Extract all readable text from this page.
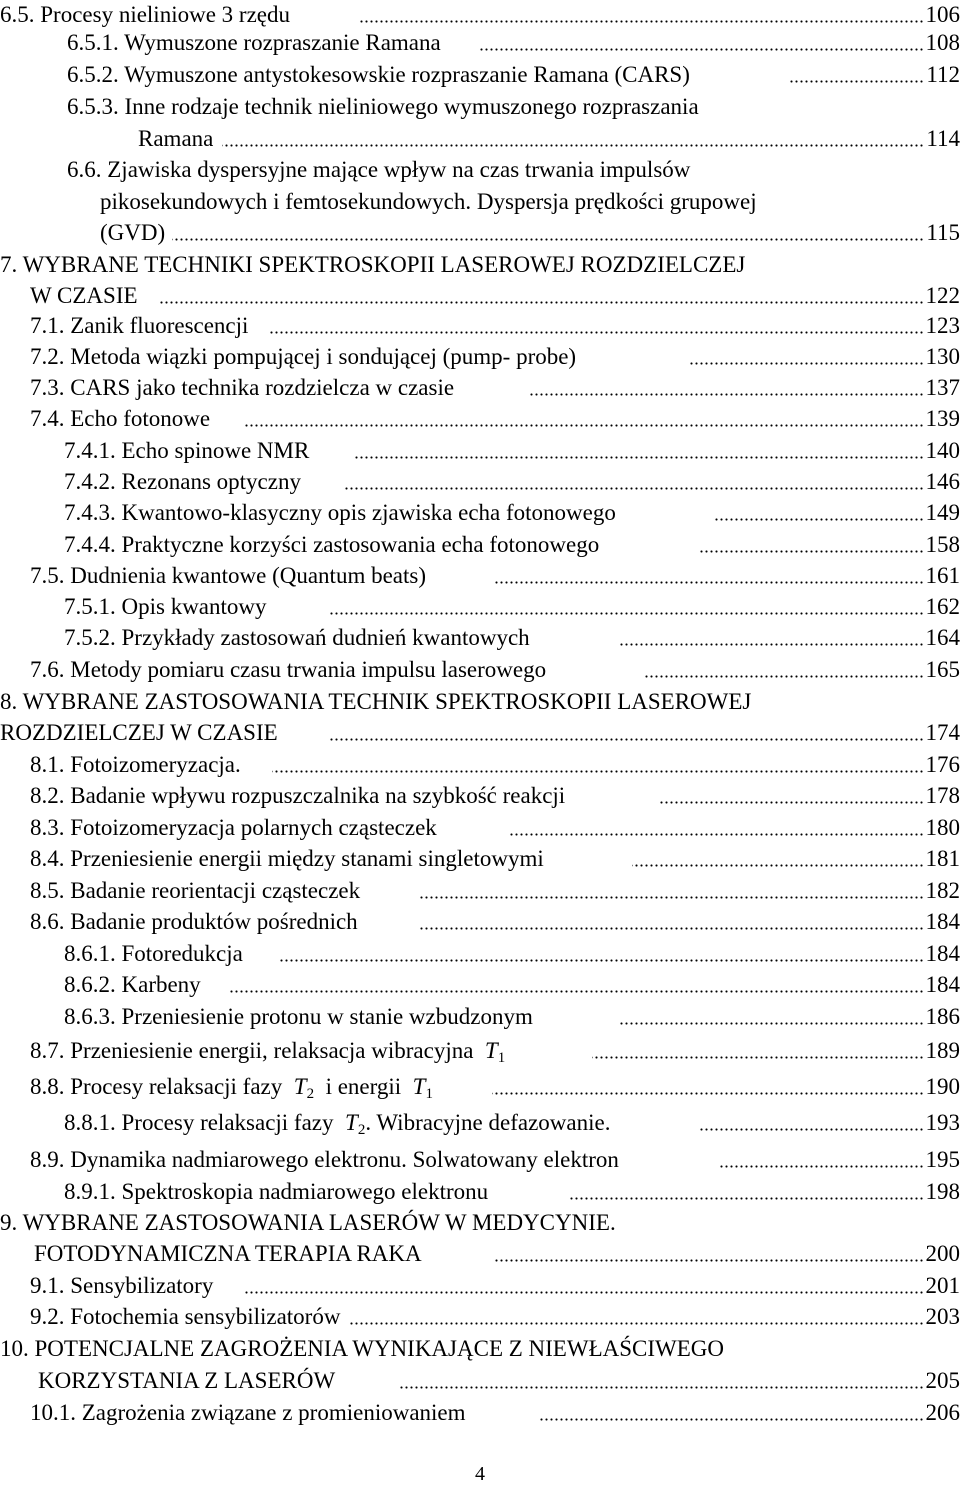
6.5. Procesy nieliniowe 3 rzędu	106
6.5.1. Wymuszone rozpraszanie Ramana	108
6.5.2. Wymuszone antystokesowskie rozpraszanie Ramana (CARS)	112
6.5.3. Inne rodzaje technik nieliniowego wymuszonego rozpraszania
Ramana	114
6.6. Zjawiska dyspersyjne mające wpływ na czas trwania impulsów
pikosekundowych i femtosekundowych. Dyspersja prędkości grupowej
(GVD)	115
7. WYBRANE TECHNIKI SPEKTROSKOPII LASEROWEJ ROZDZIELCZEJ
W CZASIE	122
7.1. Zanik fluorescencji	123
7.2. Metoda wiązki pompującej i sondującej (pump- probe)	130
7.3. CARS jako technika rozdzielcza w czasie	137
7.4. Echo fotonowe	139
7.4.1. Echo spinowe NMR	140
7.4.2. Rezonans optyczny	146
7.4.3. Kwantowo-klasyczny opis zjawiska echa fotonowego	149
7.4.4. Praktyczne korzyści zastosowania echa fotonowego	158
7.5. Dudnienia kwantowe (Quantum beats)	161
7.5.1. Opis kwantowy	162
7.5.2. Przykłady zastosowań dudnień kwantowych	164
7.6. Metody pomiaru czasu trwania impulsu laserowego	165
8. WYBRANE ZASTOSOWANIA TECHNIK SPEKTROSKOPII LASEROWEJ
ROZDZIELCZEJ W CZASIE	174
8.1. Fotoizomeryzacja.	176
8.2. Badanie wpływu rozpuszczalnika na szybkość reakcji	178
8.3. Fotoizomeryzacja polarnych cząsteczek	180
8.4. Przeniesienie energii między stanami singletowymi	181
8.5. Badanie reorientacji cząsteczek	182
8.6. Badanie produktów pośrednich	184
8.6.1. Fotoredukcja	184
8.6.2. Karbeny	184
8.6.3. Przeniesienie protonu w stanie wzbudzonym	186
8.7. Przeniesienie energii, relaksacja wibracyjna $T_1$	189
8.8. Procesy relaksacji fazy $T_2$ i energii $T_1$	190
8.8.1. Procesy relaksacji fazy $T_2$. Wibracyjne defazowanie.	193
8.9. Dynamika nadmiarowego elektronu. Solwatowany elektron	195
8.9.1. Spektroskopia nadmiarowego elektronu	198
9. WYBRANE ZASTOSOWANIA LASERÓW W MEDYCYNIE.
FOTODYNAMICZNA TERAPIA RAKA	200
9.1. Sensybilizatory	201
9.2. Fotochemia sensybilizatorów	203
10. POTENCJALNE ZAGROŻENIA WYNIKAJĄCE Z NIEWŁAŚCIWEGO
KORZYSTANIA Z LASERÓW	205
10.1. Zagrożenia związane z promieniowaniem	206
4
